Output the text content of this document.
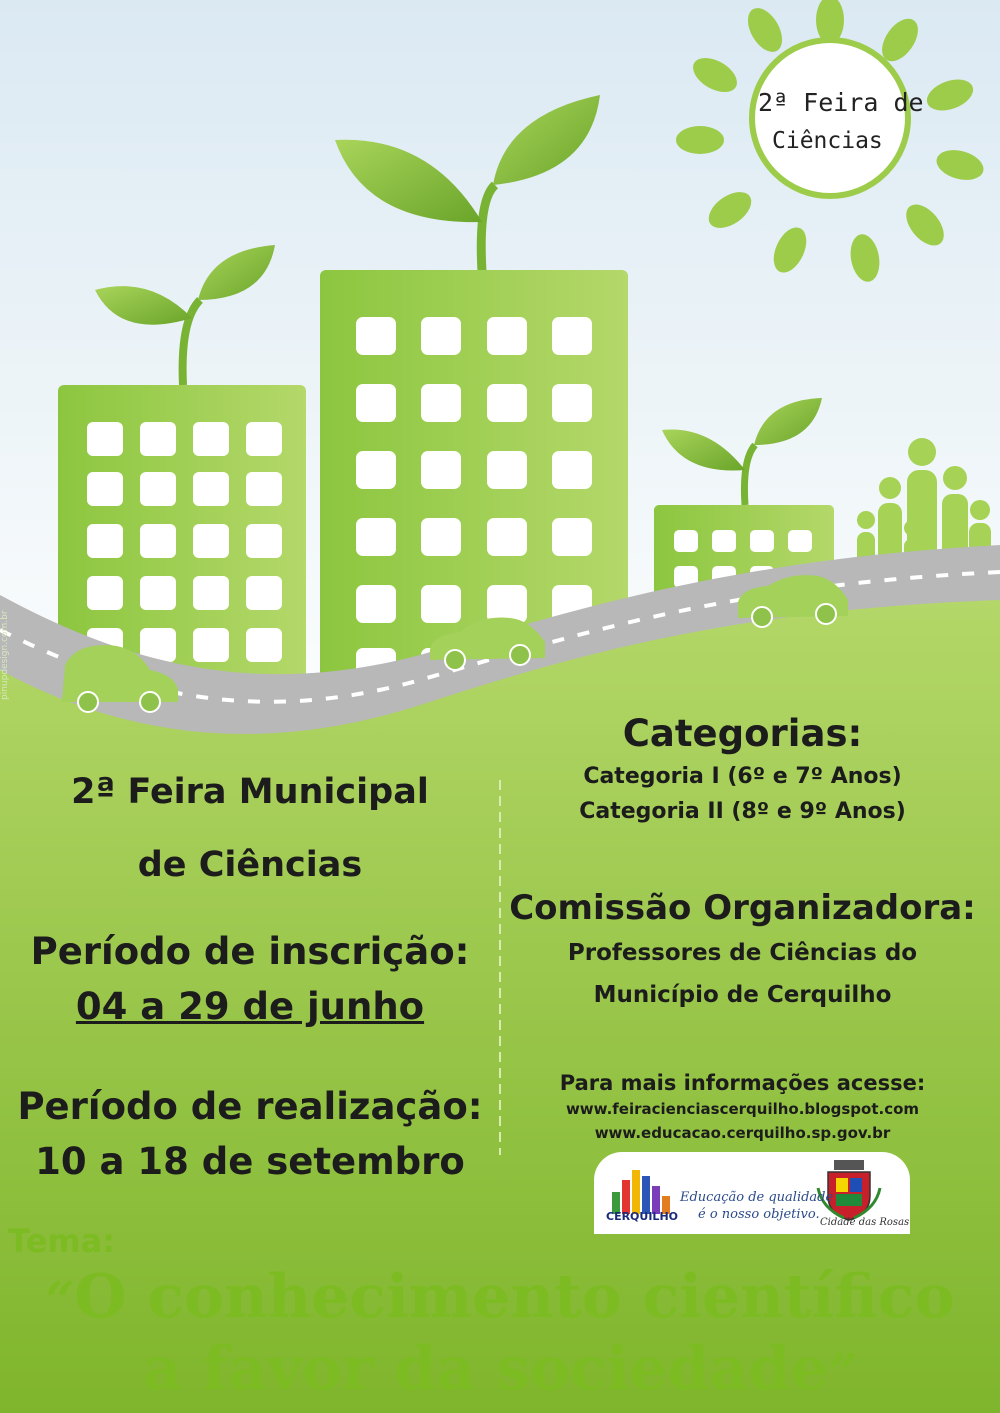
2ª Feira de
Ciências
2ª Feira Municipal
de Ciências
Período de inscrição:
04 a 29 de junho
Período de realização:
10 a 18 de setembro
Categorias:
Categoria I (6º e 7º Anos)
Categoria II (8º e 9º Anos)
Comissão Organizadora:
Professores de Ciências do
Município de Cerquilho
Para mais informações acesse:
www.feiracienciascerquilho.blogspot.com
www.educacao.cerquilho.sp.gov.br
CERQUILHO
Educação de qualidade
é o nosso objetivo.
Cidade das Rosas
Tema:
“O conhecimento científico
a favor da sociedade”
pinupdesign.com.br
